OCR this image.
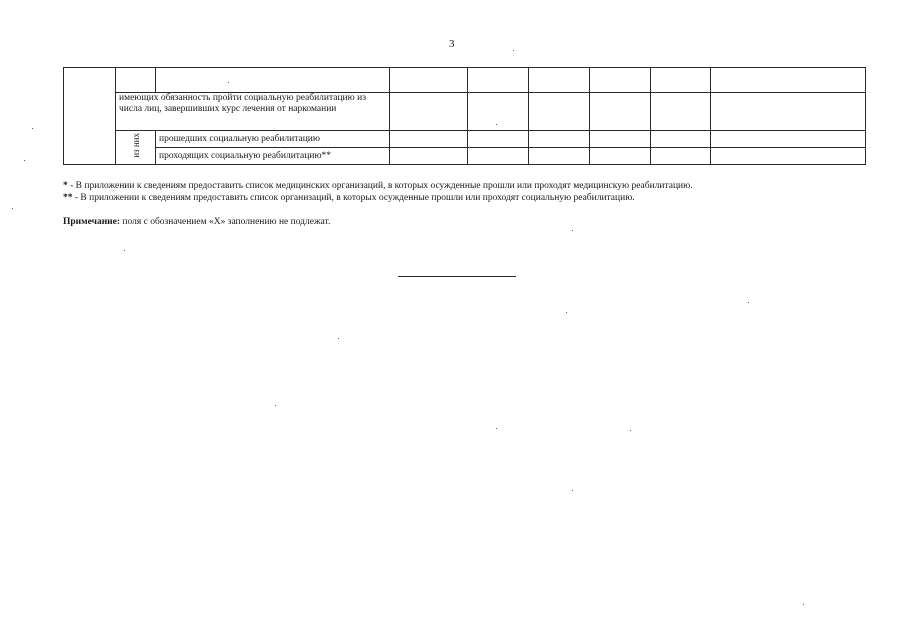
3

	имеющих обязанность пройти социальную реабилитацию из числа лиц, завершивших курс лечения от наркомании								
	из них	прошедших социальную реабилитацию							
		проходящих социальную реабилитацию**							
* - В приложении к сведениям предоставить список медицинских организаций, в которых осужденные прошли или проходят медицинскую реабилитацию.
** - В приложении к сведениям предоставить список организаций, в которых осужденные прошли или проходят социальную реабилитацию.
Примечание: поля с обозначением «Х» заполнению не подлежат.
